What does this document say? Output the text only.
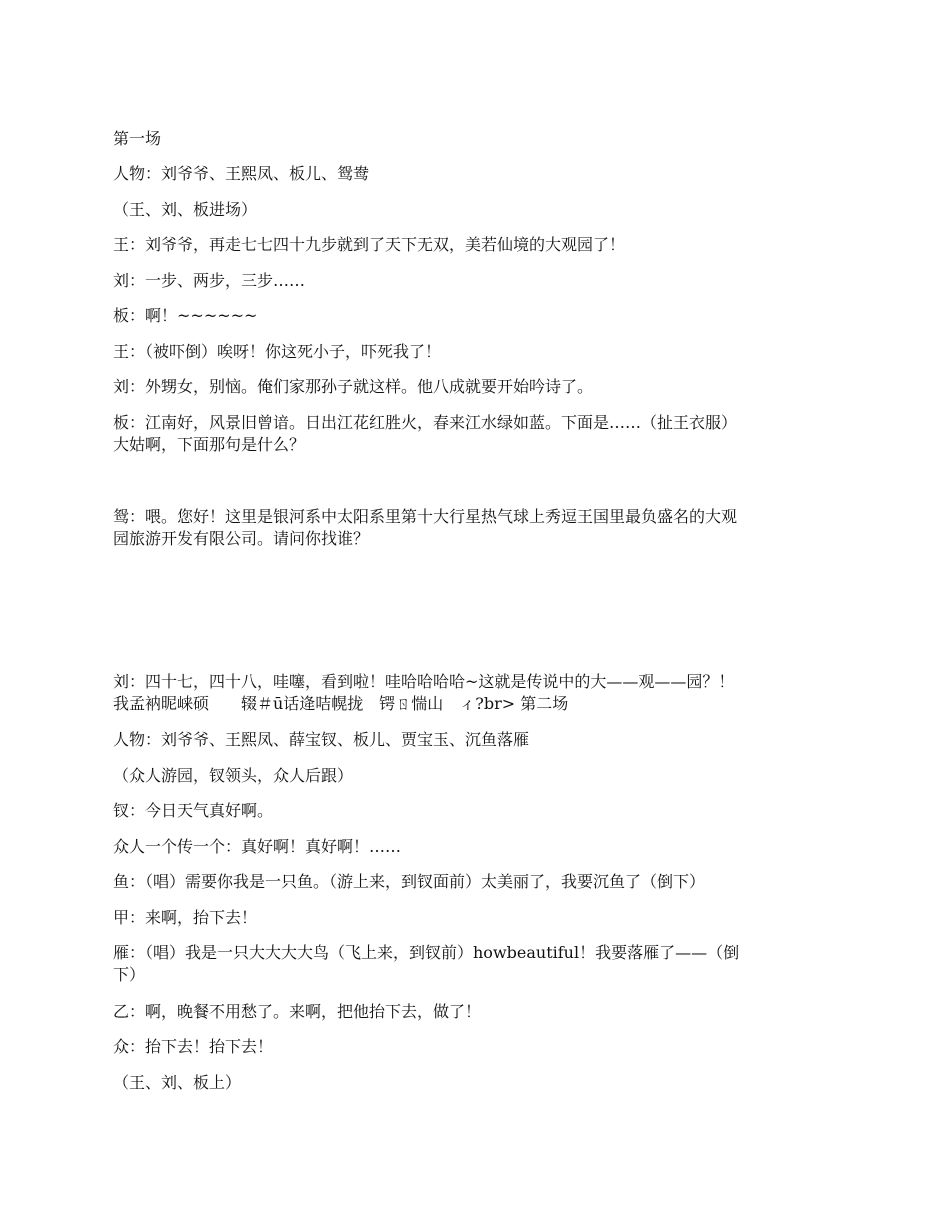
第一场
人物：刘爷爷、王熙凤、板儿、鸳鸯
（王、刘、板进场）
王：刘爷爷，再走七七四十九步就到了天下无双，美若仙境的大观园了！
刘：一步、两步，三步……
板：啊！~~~~~~
王：（被吓倒）唉呀！你这死小子，吓死我了！
刘：外甥女，别恼。俺们家那孙子就这样。他八成就要开始吟诗了。
板：江南好，风景旧曾谙。日出江花红胜火，春来江水绿如蓝。下面是……（扯王衣服）
大姑啊，下面那句是什么？
鸳：喂。您好！这里是银河系中太阳系里第十大行星热气球上秀逗王国里最负盛名的大观
园旅游开发有限公司。请问你找谁？
刘：四十七，四十八，哇噻，看到啦！哇哈哈哈哈~这就是传说中的大——观——园？！
我孟衲昵崃硕　　辍＃ū话逄咭幌拢　锷ㄖ惴山　ィ?br> 第二场
人物：刘爷爷、王熙凤、薛宝钗、板儿、贾宝玉、沉鱼落雁
（众人游园，钗领头，众人后跟）
钗：今日天气真好啊。
众人一个传一个：真好啊！真好啊！……
鱼：（唱）需要你我是一只鱼。（游上来，到钗面前）太美丽了，我要沉鱼了（倒下）
甲：来啊，抬下去！
雁：（唱）我是一只大大大大鸟（飞上来，到钗前）howbeautiful！我要落雁了——（倒
下）
乙：啊，晚餐不用愁了。来啊，把他抬下去，做了！
众：抬下去！抬下去！
（王、刘、板上）
